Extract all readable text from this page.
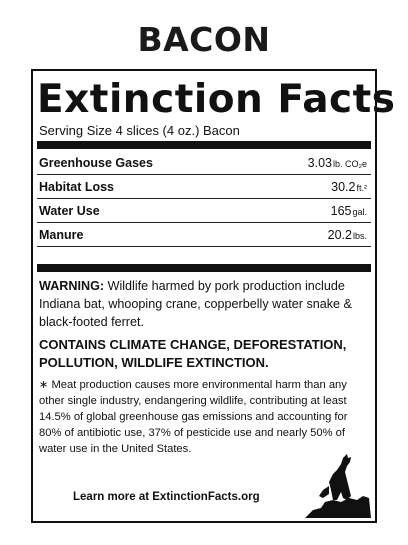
BACON
Extinction Facts
Serving Size 4 slices (4 oz.) Bacon
Greenhouse Gases	3.03lb. CO₂e
Habitat Loss	30.2ft.²
Water Use	165gal.
Manure	20.2lbs.
WARNING: Wildlife harmed by pork production include Indiana bat, whooping crane, copperbelly water snake & black-footed ferret.
CONTAINS CLIMATE CHANGE, DEFORESTATION, POLLUTION, WILDLIFE EXTINCTION.
∗ Meat production causes more environmental harm than any other single industry, endangering wildlife, contributing at least 14.5% of global greenhouse gas emissions and accounting for 80% of antibiotic use, 37% of pesticide use and nearly 50% of water use in the United States.
Learn more at ExtinctionFacts.org
